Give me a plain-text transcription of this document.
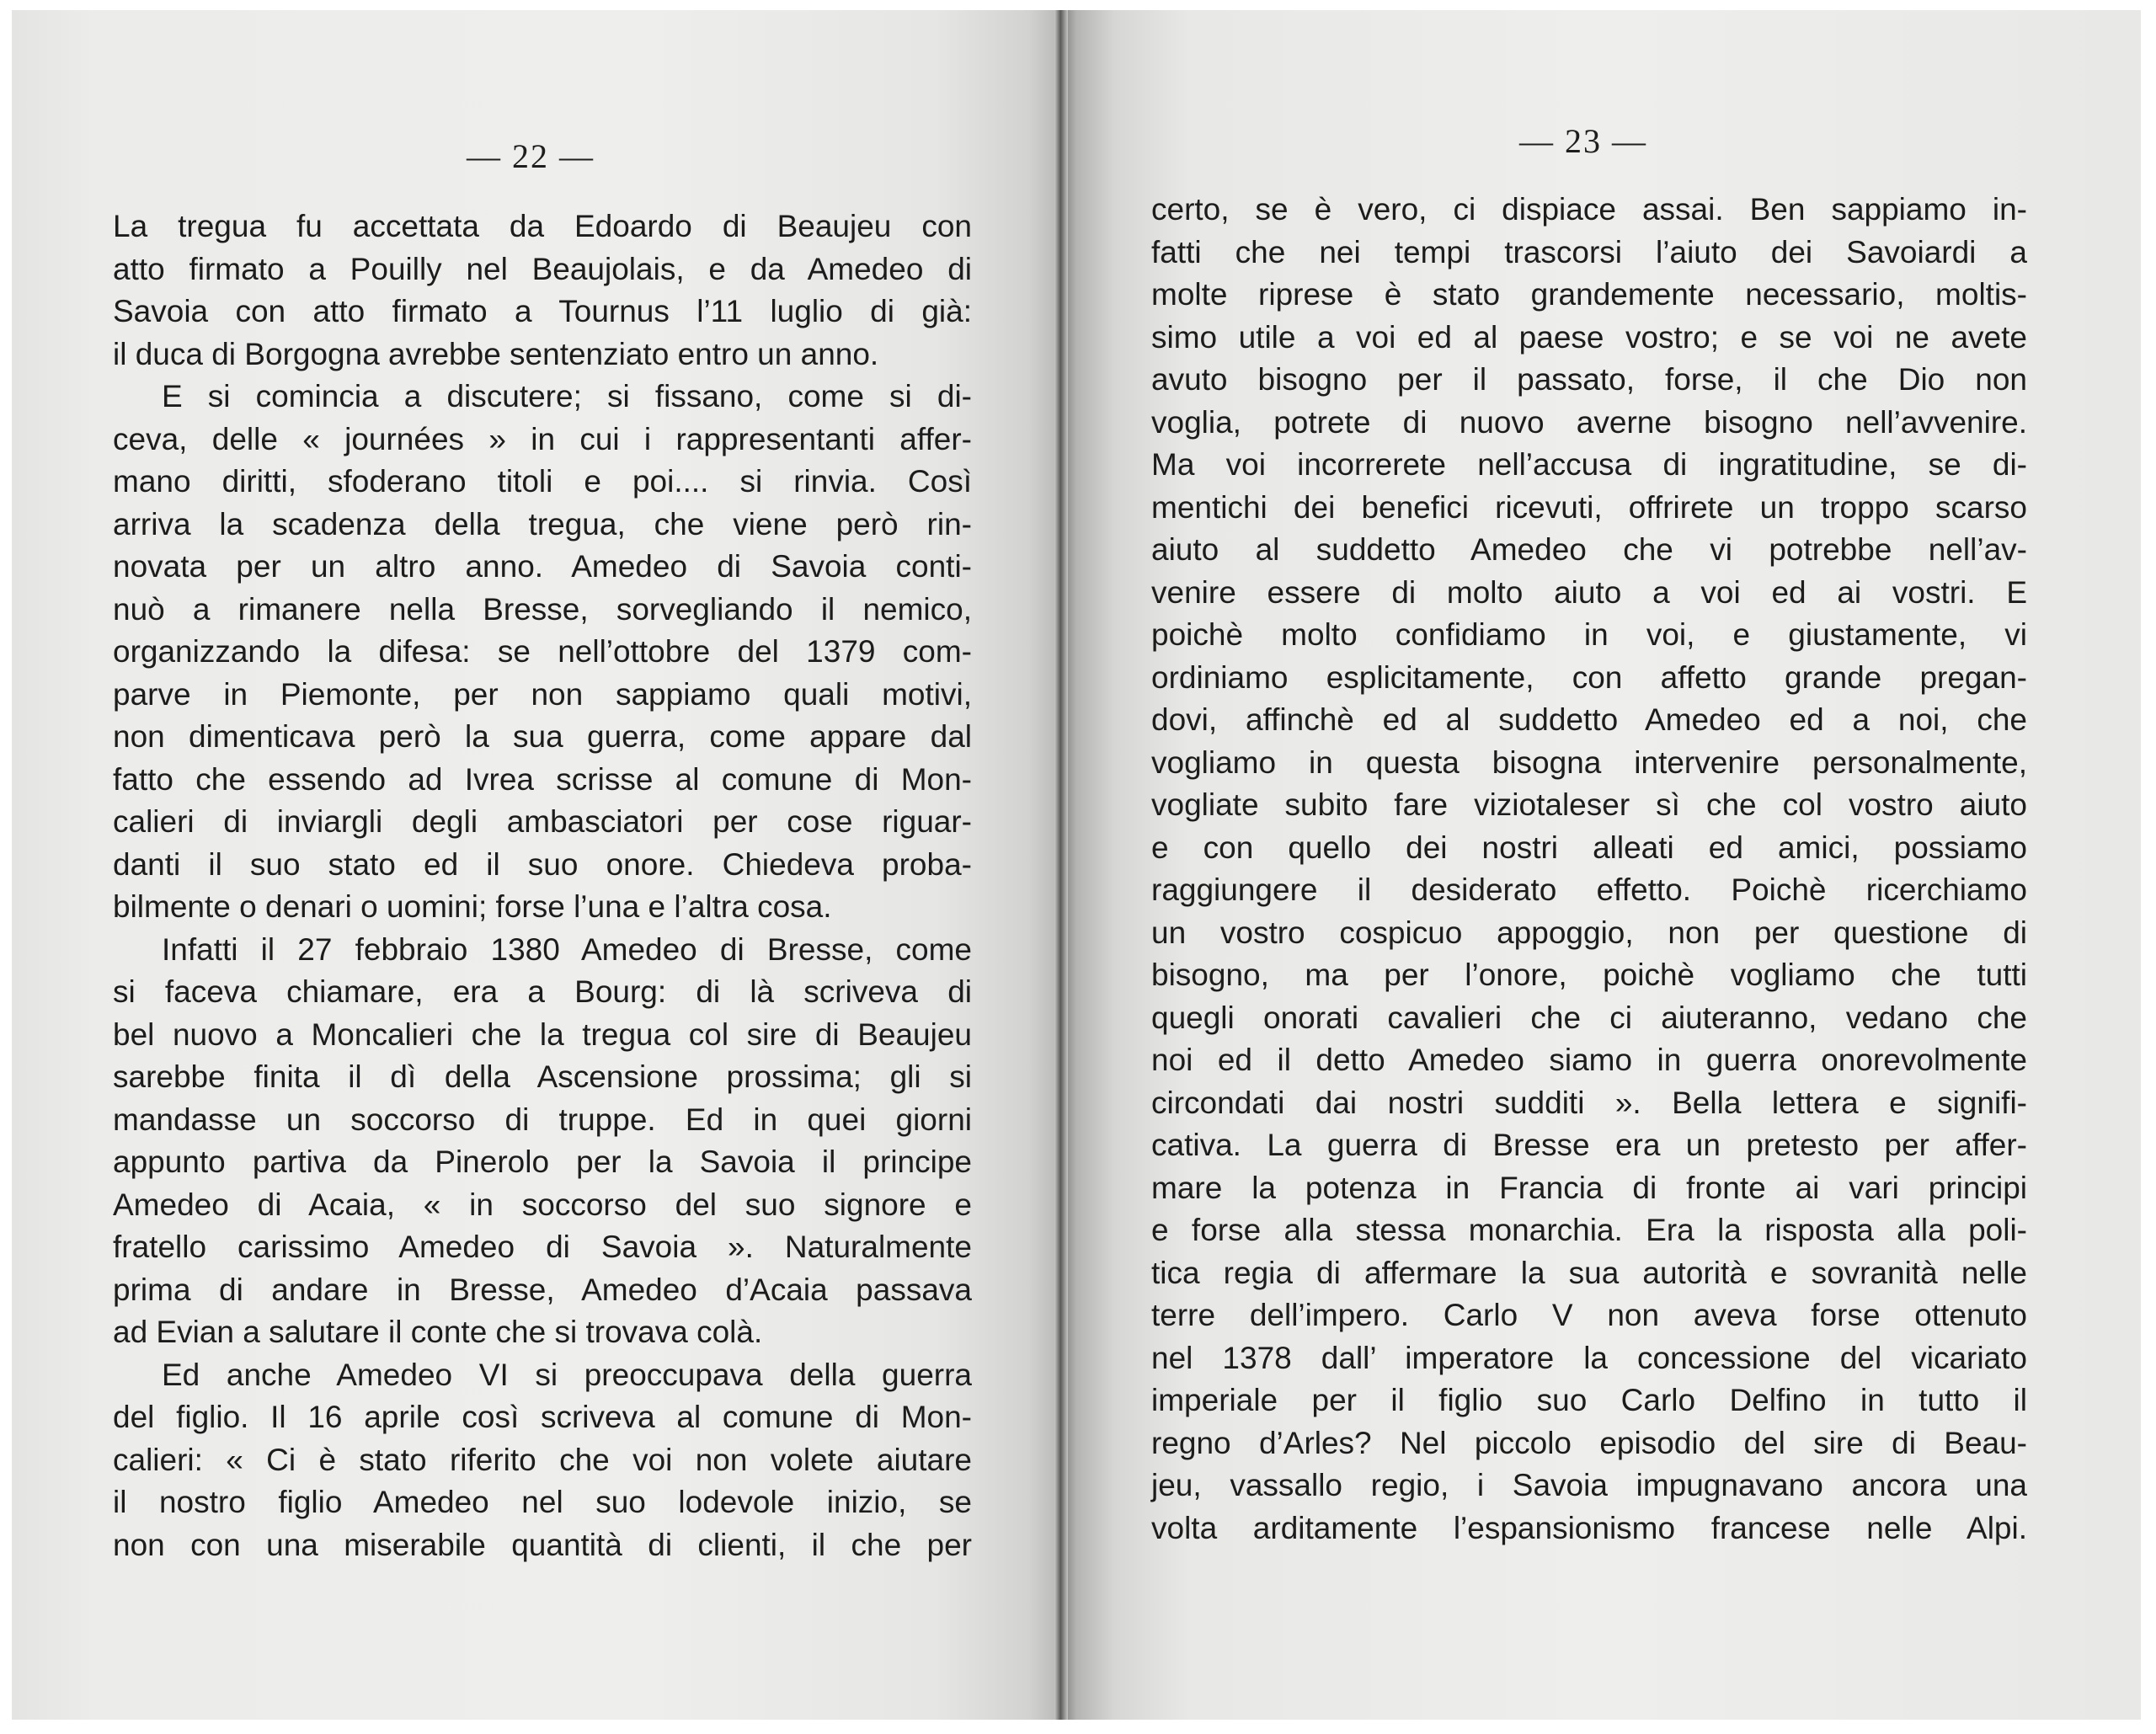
— 22 —
La tregua fu accettata da Edoardo di Beaujeu con
atto firmato a Pouilly nel Beaujolais, e da Amedeo di
Savoia con atto firmato a Tournus l’11 luglio di già:
il duca di Borgogna avrebbe sentenziato entro un anno.
E si comincia a discutere; si fissano, come si di-
ceva, delle « journées » in cui i rappresentanti affer-
mano diritti, sfoderano titoli e poi.... si rinvia. Così
arriva la scadenza della tregua, che viene però rin-
novata per un altro anno. Amedeo di Savoia conti-
nuò a rimanere nella Bresse, sorvegliando il nemico,
organizzando la difesa: se nell’ottobre del 1379 com-
parve in Piemonte, per non sappiamo quali motivi,
non dimenticava però la sua guerra, come appare dal
fatto che essendo ad Ivrea scrisse al comune di Mon-
calieri di inviargli degli ambasciatori per cose riguar-
danti il suo stato ed il suo onore. Chiedeva proba-
bilmente o denari o uomini; forse l’una e l’altra cosa.
Infatti il 27 febbraio 1380 Amedeo di Bresse, come
si faceva chiamare, era a Bourg: di là scriveva di
bel nuovo a Moncalieri che la tregua col sire di Beaujeu
sarebbe finita il dì della Ascensione prossima; gli si
mandasse un soccorso di truppe. Ed in quei giorni
appunto partiva da Pinerolo per la Savoia il principe
Amedeo di Acaia, « in soccorso del suo signore e
fratello carissimo Amedeo di Savoia ». Naturalmente
prima di andare in Bresse, Amedeo d’Acaia passava
ad Evian a salutare il conte che si trovava colà.
Ed anche Amedeo VI si preoccupava della guerra
del figlio. Il 16 aprile così scriveva al comune di Mon-
calieri: « Ci è stato riferito che voi non volete aiutare
il nostro figlio Amedeo nel suo lodevole inizio, se
non con una miserabile quantità di clienti, il che per
— 23 —
certo, se è vero, ci dispiace assai. Ben sappiamo in-
fatti che nei tempi trascorsi l’aiuto dei Savoiardi a
molte riprese è stato grandemente necessario, moltis-
simo utile a voi ed al paese vostro; e se voi ne avete
avuto bisogno per il passato, forse, il che Dio non
voglia, potrete di nuovo averne bisogno nell’avvenire.
Ma voi incorrerete nell’accusa di ingratitudine, se di-
mentichi dei benefici ricevuti, offrirete un troppo scarso
aiuto al suddetto Amedeo che vi potrebbe nell’av-
venire essere di molto aiuto a voi ed ai vostri. E
poichè molto confidiamo in voi, e giustamente, vi
ordiniamo esplicitamente, con affetto grande pregan-
dovi, affinchè ed al suddetto Amedeo ed a noi, che
vogliamo in questa bisogna intervenire personalmente,
vogliate subito fare viziotaleser sì che col vostro aiuto
e con quello dei nostri alleati ed amici, possiamo
raggiungere il desiderato effetto. Poichè ricerchiamo
un vostro cospicuo appoggio, non per questione di
bisogno, ma per l’onore, poichè vogliamo che tutti
quegli onorati cavalieri che ci aiuteranno, vedano che
noi ed il detto Amedeo siamo in guerra onorevolmente
circondati dai nostri sudditi ». Bella lettera e signifi-
cativa. La guerra di Bresse era un pretesto per affer-
mare la potenza in Francia di fronte ai vari principi
e forse alla stessa monarchia. Era la risposta alla poli-
tica regia di affermare la sua autorità e sovranità nelle
terre dell’impero. Carlo V non aveva forse ottenuto
nel 1378 dall’ imperatore la concessione del vicariato
imperiale per il figlio suo Carlo Delfino in tutto il
regno d’Arles? Nel piccolo episodio del sire di Beau-
jeu, vassallo regio, i Savoia impugnavano ancora una
volta arditamente l’espansionismo francese nelle Alpi.
